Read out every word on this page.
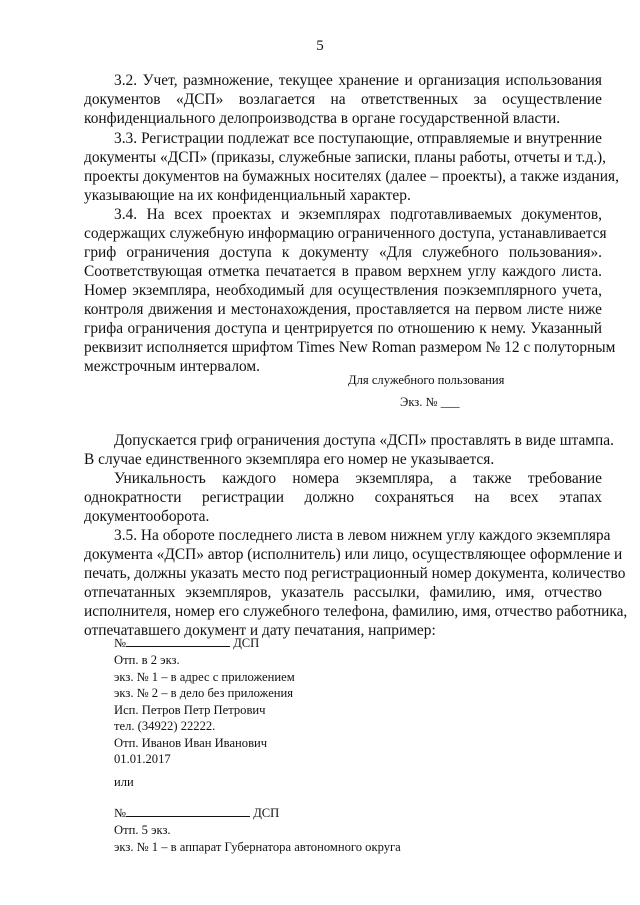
5
3.2. Учет, размножение, текущее хранение и организация использования
документов «ДСП» возлагается на ответственных за осуществление
конфиденциального делопроизводства в органе государственной власти.
3.3. Регистрации подлежат все поступающие, отправляемые и внутренние
документы «ДСП» (приказы, служебные записки, планы работы, отчеты и т.д.),
проекты документов на бумажных носителях (далее – проекты), а также издания,
указывающие на их конфиденциальный характер.
3.4. На всех проектах и экземплярах подготавливаемых документов,
содержащих служебную информацию ограниченного доступа, устанавливается
гриф ограничения доступа к документу «Для служебного пользования».
Соответствующая отметка печатается в правом верхнем углу каждого листа.
Номер экземпляра, необходимый для осуществления поэкземплярного учета,
контроля движения и местонахождения, проставляется на первом листе ниже
грифа ограничения доступа и центрируется по отношению к нему. Указанный
реквизит исполняется шрифтом Times New Roman размером № 12 с полуторным
межстрочным интервалом.
Для служебного пользования
Экз. № ___
Допускается гриф ограничения доступа «ДСП» проставлять в виде штампа.
В случае единственного экземпляра его номер не указывается.
Уникальность каждого номера экземпляра, а также требование
однократности регистрации должно сохраняться на всех этапах
документооборота.
3.5. На обороте последнего листа в левом нижнем углу каждого экземпляра
документа «ДСП» автор (исполнитель) или лицо, осуществляющее оформление и
печать, должны указать место под регистрационный номер документа, количество
отпечатанных экземпляров, указатель рассылки, фамилию, имя, отчество
исполнителя, номер его служебного телефона, фамилию, имя, отчество работника,
отпечатавшего документ и дату печатания, например:
№	ДСП
Отп. в 2 экз.
экз. № 1 – в адрес с приложением
экз. № 2 – в дело без приложения
Исп. Петров Петр Петрович
тел. (34922) 22222.
Отп. Иванов Иван Иванович
01.01.2017
или
№	ДСП
Отп. 5 экз.
экз. № 1 – в аппарат Губернатора автономного округа
